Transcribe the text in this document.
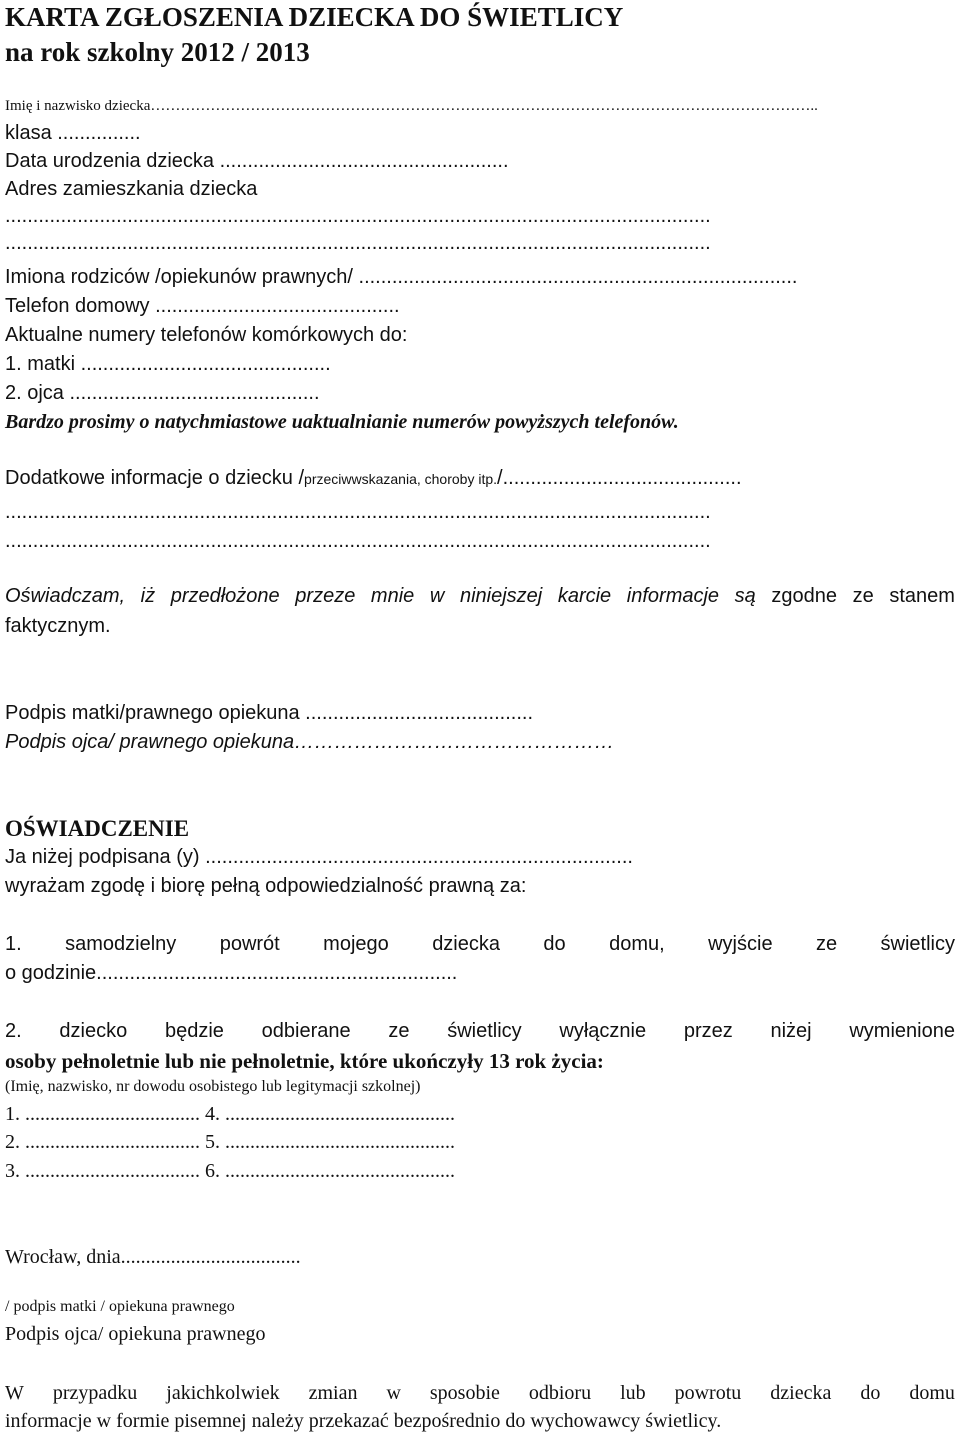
KARTA ZGŁOSZENIA DZIECKA DO ŚWIETLICY
na rok szkolny 2012 / 2013
Imię i nazwisko dziecka……………………………………………………………………………………………………………………..
klasa ...............
Data urodzenia dziecka ....................................................
Adres zamieszkania dziecka
...............................................................................................................................
...............................................................................................................................
Imiona rodziców /opiekunów prawnych/ ...............................................................................
Telefon domowy ............................................
Aktualne numery telefonów komórkowych do:
1. matki .............................................
2. ojca .............................................
Bardzo prosimy o natychmiastowe uaktualnianie numerów powyższych telefonów.
Dodatkowe informacje o dziecku /przeciwwskazania, choroby itp./...........................................
...............................................................................................................................
...............................................................................................................................
Oświadczam, iż przedłożone przeze mnie w niniejszej karcie informacje są zgodne ze stanem
faktycznym.
Podpis matki/prawnego opiekuna .........................................
Podpis ojca/ prawnego opiekuna…………………………………………
OŚWIADCZENIE
Ja niżej podpisana (y) .............................................................................
wyrażam zgodę i biorę pełną odpowiedzialność prawną za:
1. samodzielny powrót mojego dziecka do domu, wyjście ze świetlicy
o godzinie.................................................................
2. dziecko będzie odbierane ze świetlicy wyłącznie przez niżej wymienione
osoby pełnoletnie lub nie pełnoletnie, które ukończyły 13 rok życia:
(Imię, nazwisko, nr dowodu osobistego lub legitymacji szkolnej)
1. ................................... 4. ..............................................
2. ................................... 5. ..............................................
3. ................................... 6. ..............................................
Wrocław, dnia....................................
/ podpis matki / opiekuna prawnego
Podpis ojca/ opiekuna prawnego
W przypadku jakichkolwiek zmian w sposobie odbioru lub powrotu dziecka do domu
informacje w formie pisemnej należy przekazać bezpośrednio do wychowawcy świetlicy.
